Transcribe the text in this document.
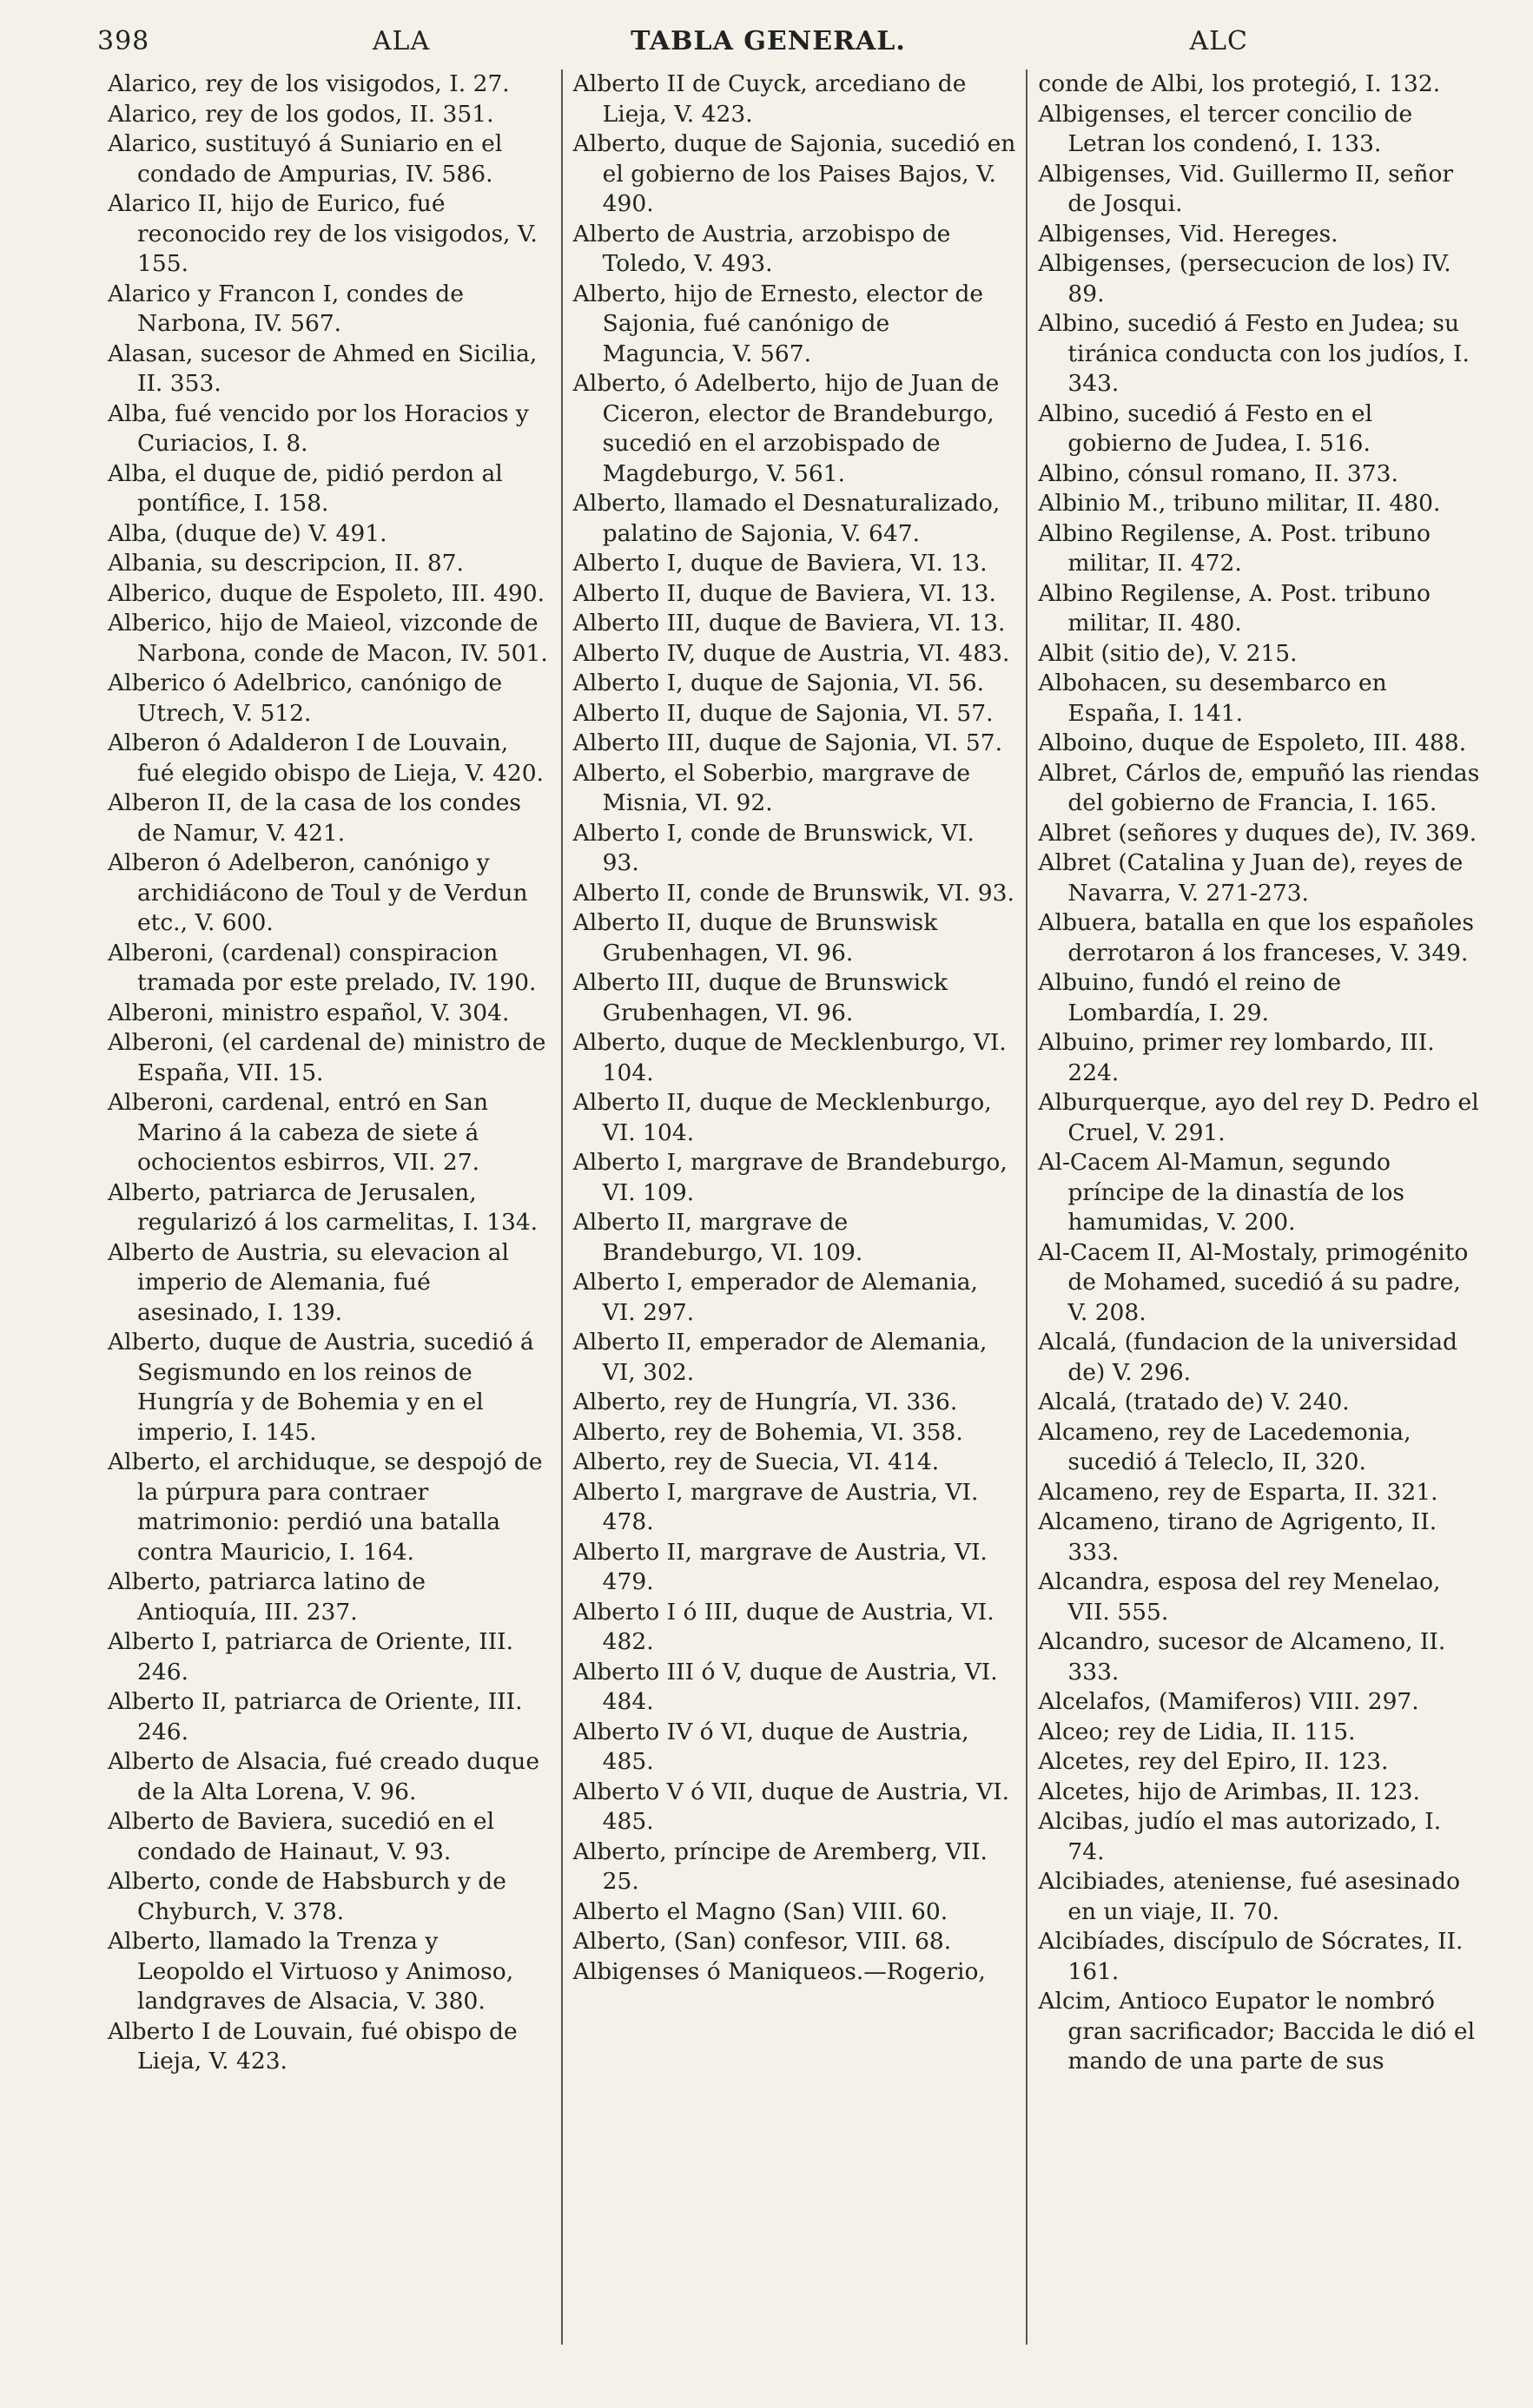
398	ALA	TABLA GENERAL.	ALC

Alarico, rey de los visigodos, I. 27.

Alarico, rey de los godos, II. 351.

Alarico, sustituyó á Suniario en el condado de Ampurias, IV. 586.

Alarico II, hijo de Eurico, fué reconocido rey de los visigodos, V. 155.

Alarico y Francon I, condes de Narbona, IV. 567.

Alasan, sucesor de Ahmed en Sicilia, II. 353.

Alba, fué vencido por los Horacios y Curiacios, I. 8.

Alba, el duque de, pidió perdon al pontífice, I. 158.

Alba, (duque de) V. 491.

Albania, su descripcion, II. 87.

Alberico, duque de Espoleto, III. 490.

Alberico, hijo de Maieol, vizconde de Narbona, conde de Macon, IV. 501.

Alberico ó Adelbrico, canónigo de Utrech, V. 512.

Alberon ó Adalderon I de Louvain, fué elegido obispo de Lieja, V. 420.

Alberon II, de la casa de los condes de Namur, V. 421.

Alberon ó Adelberon, canónigo y archidiácono de Toul y de Verdun etc., V. 600.

Alberoni, (cardenal) conspiracion tramada por este prelado, IV. 190.

Alberoni, ministro español, V. 304.

Alberoni, (el cardenal de) ministro de España, VII. 15.

Alberoni, cardenal, entró en San Marino á la cabeza de siete á ochocientos esbirros, VII. 27.

Alberto, patriarca de Jerusalen, regularizó á los carmelitas, I. 134.

Alberto de Austria, su elevacion al imperio de Alemania, fué asesinado, I. 139.

Alberto, duque de Austria, sucedió á Segismundo en los reinos de Hungría y de Bohemia y en el imperio, I. 145.

Alberto, el archiduque, se despojó de la púrpura para contraer matrimonio: perdió una batalla contra Mauricio, I. 164.

Alberto, patriarca latino de Antioquía, III. 237.

Alberto I, patriarca de Oriente, III. 246.

Alberto II, patriarca de Oriente, III. 246.

Alberto de Alsacia, fué creado duque de la Alta Lorena, V. 96.

Alberto de Baviera, sucedió en el condado de Hainaut, V. 93.

Alberto, conde de Habsburch y de Chyburch, V. 378.

Alberto, llamado la Trenza y Leopoldo el Virtuoso y Animoso, landgraves de Alsacia, V. 380.

Alberto I de Louvain, fué obispo de Lieja, V. 423.

Alberto II de Cuyck, arcediano de Lieja, V. 423.

Alberto, duque de Sajonia, sucedió en el gobierno de los Paises Bajos, V. 490.

Alberto de Austria, arzobispo de Toledo, V. 493.

Alberto, hijo de Ernesto, elector de Sajonia, fué canónigo de Maguncia, V. 567.

Alberto, ó Adelberto, hijo de Juan de Ciceron, elector de Brandeburgo, sucedió en el arzobispado de Magdeburgo, V. 561.

Alberto, llamado el Desnaturalizado, palatino de Sajonia, V. 647.

Alberto I, duque de Baviera, VI. 13.

Alberto II, duque de Baviera, VI. 13.

Alberto III, duque de Baviera, VI. 13.

Alberto IV, duque de Austria, VI. 483.

Alberto I, duque de Sajonia, VI. 56.

Alberto II, duque de Sajonia, VI. 57.

Alberto III, duque de Sajonia, VI. 57.

Alberto, el Soberbio, margrave de Misnia, VI. 92.

Alberto I, conde de Brunswick, VI. 93.

Alberto II, conde de Brunswik, VI. 93.

Alberto II, duque de Brunswisk Grubenhagen, VI. 96.

Alberto III, duque de Brunswick Grubenhagen, VI. 96.

Alberto, duque de Mecklenburgo, VI. 104.

Alberto II, duque de Mecklenburgo, VI. 104.

Alberto I, margrave de Brandeburgo, VI. 109.

Alberto II, margrave de Brandeburgo, VI. 109.

Alberto I, emperador de Alemania, VI. 297.

Alberto II, emperador de Alemania, VI, 302.

Alberto, rey de Hungría, VI. 336.

Alberto, rey de Bohemia, VI. 358.

Alberto, rey de Suecia, VI. 414.

Alberto I, margrave de Austria, VI. 478.

Alberto II, margrave de Austria, VI. 479.

Alberto I ó III, duque de Austria, VI. 482.

Alberto III ó V, duque de Austria, VI. 484.

Alberto IV ó VI, duque de Austria, 485.

Alberto V ó VII, duque de Austria, VI. 485.

Alberto, príncipe de Aremberg, VII. 25.

Alberto el Magno (San) VIII. 60.

Alberto, (San) confesor, VIII. 68.

Albigenses ó Maniqueos.—Rogerio,

conde de Albi, los protegió, I. 132.

Albigenses, el tercer concilio de Letran los condenó, I. 133.

Albigenses, Vid. Guillermo II, señor de Josqui.

Albigenses, Vid. Hereges.

Albigenses, (persecucion de los) IV. 89.

Albino, sucedió á Festo en Judea; su tiránica conducta con los judíos, I. 343.

Albino, sucedió á Festo en el gobierno de Judea, I. 516.

Albino, cónsul romano, II. 373.

Albinio M., tribuno militar, II. 480.

Albino Regilense, A. Post. tribuno militar, II. 472.

Albino Regilense, A. Post. tribuno militar, II. 480.

Albit (sitio de), V. 215.

Albohacen, su desembarco en España, I. 141.

Alboino, duque de Espoleto, III. 488.

Albret, Cárlos de, empuñó las riendas del gobierno de Francia, I. 165.

Albret (señores y duques de), IV. 369.

Albret (Catalina y Juan de), reyes de Navarra, V. 271-273.

Albuera, batalla en que los españoles derrotaron á los franceses, V. 349.

Albuino, fundó el reino de Lombardía, I. 29.

Albuino, primer rey lombardo, III. 224.

Alburquerque, ayo del rey D. Pedro el Cruel, V. 291.

Al-Cacem Al-Mamun, segundo príncipe de la dinastía de los hamumidas, V. 200.

Al-Cacem II, Al-Mostaly, primogénito de Mohamed, sucedió á su padre, V. 208.

Alcalá, (fundacion de la universidad de) V. 296.

Alcalá, (tratado de) V. 240.

Alcameno, rey de Lacedemonia, sucedió á Teleclo, II, 320.

Alcameno, rey de Esparta, II. 321.

Alcameno, tirano de Agrigento, II. 333.

Alcandra, esposa del rey Menelao, VII. 555.

Alcandro, sucesor de Alcameno, II. 333.

Alcelafos, (Mamiferos) VIII. 297.

Alceo; rey de Lidia, II. 115.

Alcetes, rey del Epiro, II. 123.

Alcetes, hijo de Arimbas, II. 123.

Alcibas, judío el mas autorizado, I. 74.

Alcibiades, ateniense, fué asesinado en un viaje, II. 70.

Alcibíades, discípulo de Sócrates, II. 161.

Alcim, Antioco Eupator le nombró gran sacrificador; Baccida le dió el mando de una parte de sus
